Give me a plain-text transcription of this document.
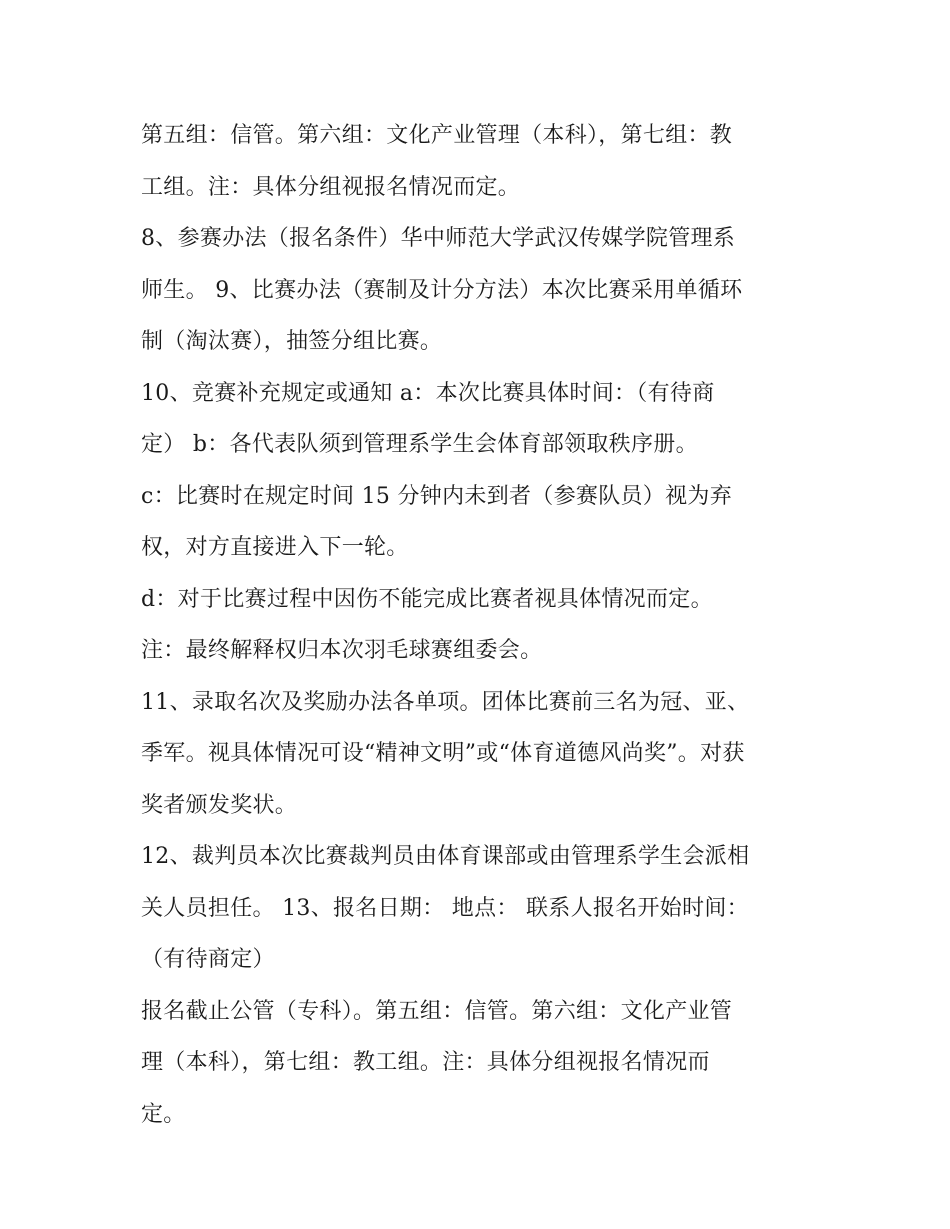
第五组：信管。第六组：文化产业管理（本科），第七组：教
工组。注：具体分组视报名情况而定。
8、参赛办法（报名条件）华中师范大学武汉传媒学院管理系
师生。 9、比赛办法（赛制及计分方法）本次比赛采用单循环
制（淘汰赛），抽签分组比赛。
10、竞赛补充规定或通知 a：本次比赛具体时间：（有待商
定） b：各代表队须到管理系学生会体育部领取秩序册。
c：比赛时在规定时间 15 分钟内未到者（参赛队员）视为弃
权，对方直接进入下一轮。
d：对于比赛过程中因伤不能完成比赛者视具体情况而定。
注：最终解释权归本次羽毛球赛组委会。
11、录取名次及奖励办法各单项。团体比赛前三名为冠、亚、
季军。视具体情况可设“精神文明”或“体育道德风尚奖”。对获
奖者颁发奖状。
12、裁判员本次比赛裁判员由体育课部或由管理系学生会派相
关人员担任。 13、报名日期： 地点： 联系人报名开始时间：
（有待商定）
报名截止公管（专科）。第五组：信管。第六组：文化产业管
理（本科），第七组：教工组。注：具体分组视报名情况而
定。
